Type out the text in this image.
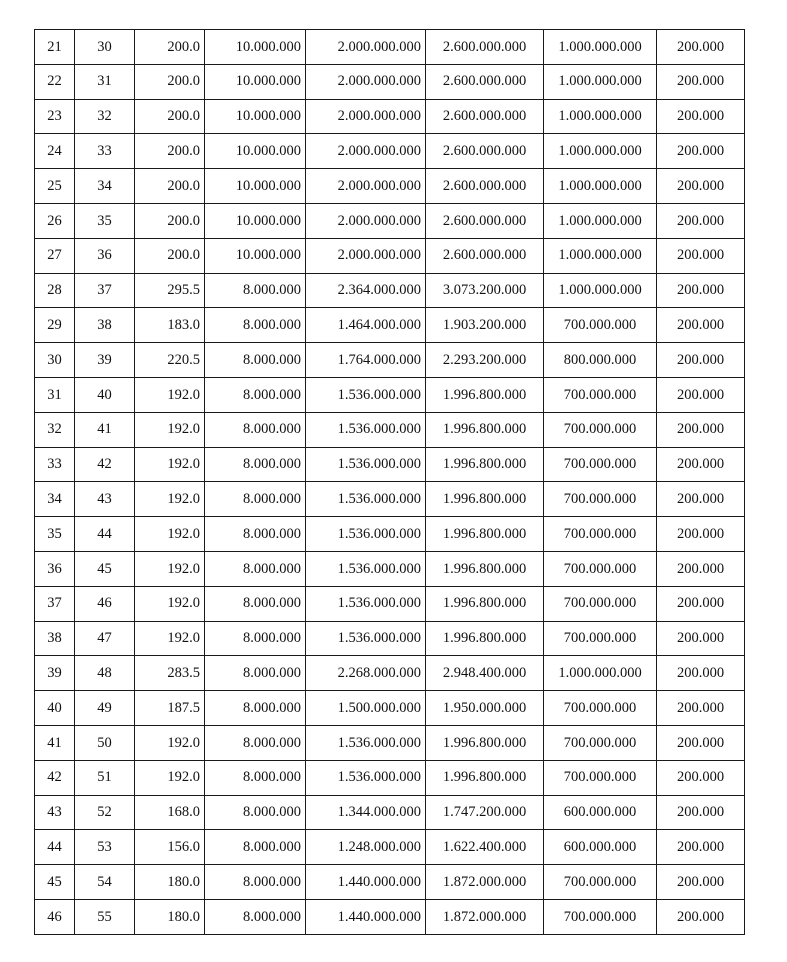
21	30	200.0	10.000.000	2.000.000.000	2.600.000.000	1.000.000.000	200.000
22	31	200.0	10.000.000	2.000.000.000	2.600.000.000	1.000.000.000	200.000
23	32	200.0	10.000.000	2.000.000.000	2.600.000.000	1.000.000.000	200.000
24	33	200.0	10.000.000	2.000.000.000	2.600.000.000	1.000.000.000	200.000
25	34	200.0	10.000.000	2.000.000.000	2.600.000.000	1.000.000.000	200.000
26	35	200.0	10.000.000	2.000.000.000	2.600.000.000	1.000.000.000	200.000
27	36	200.0	10.000.000	2.000.000.000	2.600.000.000	1.000.000.000	200.000
28	37	295.5	8.000.000	2.364.000.000	3.073.200.000	1.000.000.000	200.000
29	38	183.0	8.000.000	1.464.000.000	1.903.200.000	700.000.000	200.000
30	39	220.5	8.000.000	1.764.000.000	2.293.200.000	800.000.000	200.000
31	40	192.0	8.000.000	1.536.000.000	1.996.800.000	700.000.000	200.000
32	41	192.0	8.000.000	1.536.000.000	1.996.800.000	700.000.000	200.000
33	42	192.0	8.000.000	1.536.000.000	1.996.800.000	700.000.000	200.000
34	43	192.0	8.000.000	1.536.000.000	1.996.800.000	700.000.000	200.000
35	44	192.0	8.000.000	1.536.000.000	1.996.800.000	700.000.000	200.000
36	45	192.0	8.000.000	1.536.000.000	1.996.800.000	700.000.000	200.000
37	46	192.0	8.000.000	1.536.000.000	1.996.800.000	700.000.000	200.000
38	47	192.0	8.000.000	1.536.000.000	1.996.800.000	700.000.000	200.000
39	48	283.5	8.000.000	2.268.000.000	2.948.400.000	1.000.000.000	200.000
40	49	187.5	8.000.000	1.500.000.000	1.950.000.000	700.000.000	200.000
41	50	192.0	8.000.000	1.536.000.000	1.996.800.000	700.000.000	200.000
42	51	192.0	8.000.000	1.536.000.000	1.996.800.000	700.000.000	200.000
43	52	168.0	8.000.000	1.344.000.000	1.747.200.000	600.000.000	200.000
44	53	156.0	8.000.000	1.248.000.000	1.622.400.000	600.000.000	200.000
45	54	180.0	8.000.000	1.440.000.000	1.872.000.000	700.000.000	200.000
46	55	180.0	8.000.000	1.440.000.000	1.872.000.000	700.000.000	200.000
